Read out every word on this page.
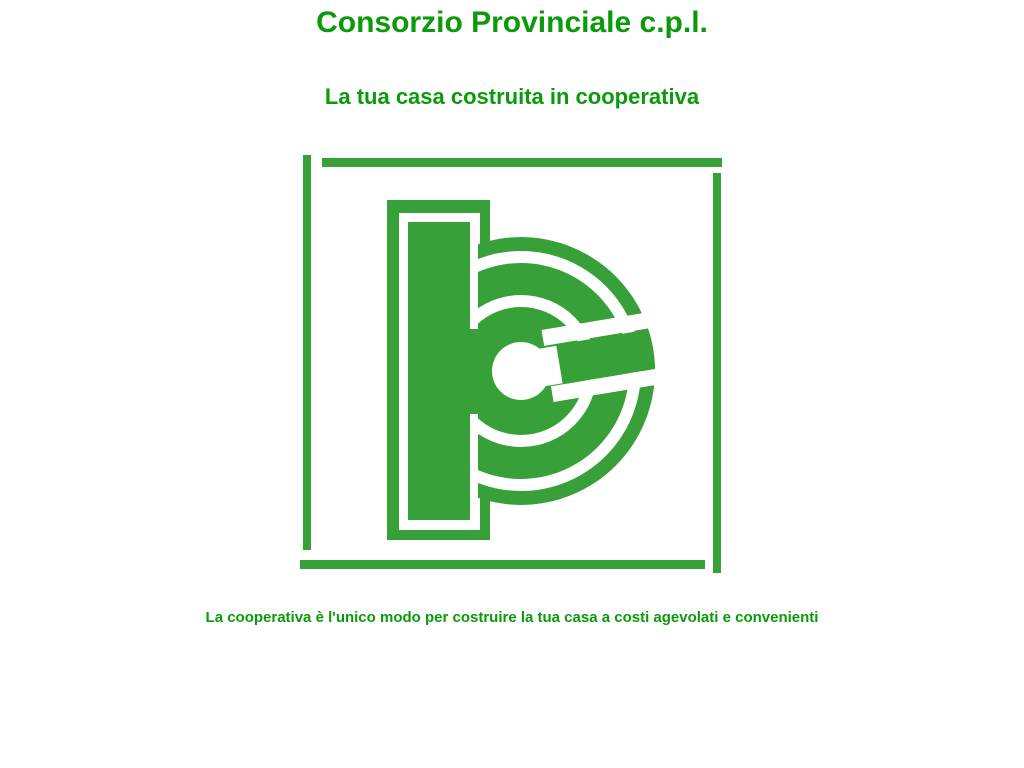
Consorzio Provinciale c.p.l.
La tua casa costruita in cooperativa

La cooperativa è l'unico modo per costruire la tua casa a costi agevolati e convenienti
